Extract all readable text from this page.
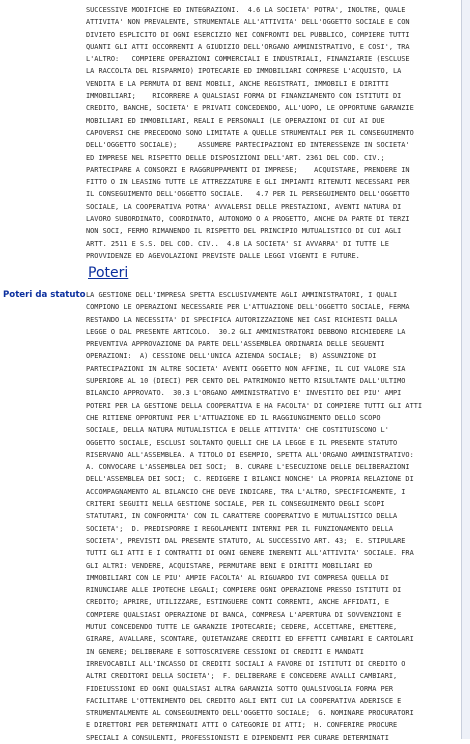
SUCCESSIVE MODIFICHE ED INTEGRAZIONI.  4.6 LA SOCIETA' POTRA', INOLTRE, QUALE
ATTIVITA' NON PREVALENTE, STRUMENTALE ALL'ATTIVITA' DELL'OGGETTO SOCIALE E CON
DIVIETO ESPLICITO DI OGNI ESERCIZIO NEI CONFRONTI DEL PUBBLICO, COMPIERE TUTTI
QUANTI GLI ATTI OCCORRENTI A GIUDIZIO DELL'ORGANO AMMINISTRATIVO, E COSI', TRA
L'ALTRO:   COMPIERE OPERAZIONI COMMERCIALI E INDUSTRIALI, FINANZIARIE (ESCLUSE
LA RACCOLTA DEL RISPARMIO) IPOTECARIE ED IMMOBILIARI COMPRESE L'ACQUISTO, LA
VENDITA E LA PERMUTA DI BENI MOBILI, ANCHE REGISTRATI, IMMOBILI E DIRITTI
IMMOBILIARI;    RICORRERE A QUALSIASI FORMA DI FINANZIAMENTO CON ISTITUTI DI
CREDITO, BANCHE, SOCIETA' E PRIVATI CONCEDENDO, ALL'UOPO, LE OPPORTUNE GARANZIE
MOBILIARI ED IMMOBILIARI, REALI E PERSONALI (LE OPERAZIONI DI CUI AI DUE
CAPOVERSI CHE PRECEDONO SONO LIMITATE A QUELLE STRUMENTALI PER IL CONSEGUIMENTO
DELL'OGGETTO SOCIALE);     ASSUMERE PARTECIPAZIONI ED INTERESSENZE IN SOCIETA'
ED IMPRESE NEL RISPETTO DELLE DISPOSIZIONI DELL'ART. 2361 DEL COD. CIV.;
PARTECIPARE A CONSORZI E RAGGRUPPAMENTI DI IMPRESE;    ACQUISTARE, PRENDERE IN
FITTO O IN LEASING TUTTE LE ATTREZZATURE E GLI IMPIANTI RITENUTI NECESSARI PER
IL CONSEGUIMENTO DELL'OGGETTO SOCIALE.   4.7 PER IL PERSEGUIMENTO DELL'OGGETTO
SOCIALE, LA COOPERATIVA POTRA' AVVALERSI DELLE PRESTAZIONI, AVENTI NATURA DI
LAVORO SUBORDINATO, COORDINATO, AUTONOMO O A PROGETTO, ANCHE DA PARTE DI TERZI
NON SOCI, FERMO RIMANENDO IL RISPETTO DEL PRINCIPIO MUTUALISTICO DI CUI AGLI
ARTT. 2511 E S.S. DEL COD. CIV..  4.8 LA SOCIETA' SI AVVARRA' DI TUTTE LE
PROVVIDENZE ED AGEVOLAZIONI PREVISTE DALLE LEGGI VIGENTI E FUTURE.
Poteri

Poteri da statuto LA GESTIONE DELL'IMPRESA SPETTA ESCLUSIVAMENTE AGLI AMMINISTRATORI, I QUALI
COMPIONO LE OPERAZIONI NECESSARIE PER L'ATTUAZIONE DELL'OGGETTO SOCIALE, FERMA
RESTANDO LA NECESSITA' DI SPECIFICA AUTORIZZAZIONE NEI CASI RICHIESTI DALLA
LEGGE O DAL PRESENTE ARTICOLO.  30.2 GLI AMMINISTRATORI DEBBONO RICHIEDERE LA
PREVENTIVA APPROVAZIONE DA PARTE DELL'ASSEMBLEA ORDINARIA DELLE SEGUENTI
OPERAZIONI:  A) CESSIONE DELL'UNICA AZIENDA SOCIALE;  B) ASSUNZIONE DI
PARTECIPAZIONI IN ALTRE SOCIETA' AVENTI OGGETTO NON AFFINE, IL CUI VALORE SIA
SUPERIORE AL 10 (DIECI) PER CENTO DEL PATRIMONIO NETTO RISULTANTE DALL'ULTIMO
BILANCIO APPROVATO.  30.3 L'ORGANO AMMINISTRATIVO E' INVESTITO DEI PIU' AMPI
POTERI PER LA GESTIONE DELLA COOPERATIVA E HA FACOLTA' DI COMPIERE TUTTI GLI ATTI
CHE RITIENE OPPORTUNI PER L'ATTUAZIONE ED IL RAGGIUNGIMENTO DELLO SCOPO
SOCIALE, DELLA NATURA MUTUALISTICA E DELLE ATTIVITA' CHE COSTITUISCONO L'
OGGETTO SOCIALE, ESCLUSI SOLTANTO QUELLI CHE LA LEGGE E IL PRESENTE STATUTO
RISERVANO ALL'ASSEMBLEA. A TITOLO DI ESEMPIO, SPETTA ALL'ORGANO AMMINISTRATIVO:
A. CONVOCARE L'ASSEMBLEA DEI SOCI;  B. CURARE L'ESECUZIONE DELLE DELIBERAZIONI
DELL'ASSEMBLEA DEI SOCI;  C. REDIGERE I BILANCI NONCHE' LA PROPRIA RELAZIONE DI
ACCOMPAGNAMENTO AL BILANCIO CHE DEVE INDICARE, TRA L'ALTRO, SPECIFICAMENTE, I
CRITERI SEGUITI NELLA GESTIONE SOCIALE, PER IL CONSEGUIMENTO DEGLI SCOPI
STATUTARI, IN CONFORMITA' CON IL CARATTERE COOPERATIVO E MUTUALISTICO DELLA
SOCIETA';  D. PREDISPORRE I REGOLAMENTI INTERNI PER IL FUNZIONAMENTO DELLA
SOCIETA', PREVISTI DAL PRESENTE STATUTO, AL SUCCESSIVO ART. 43;  E. STIPULARE
TUTTI GLI ATTI E I CONTRATTI DI OGNI GENERE INERENTI ALL'ATTIVITA' SOCIALE. FRA
GLI ALTRI: VENDERE, ACQUISTARE, PERMUTARE BENI E DIRITTI MOBILIARI ED
IMMOBILIARI CON LE PIU' AMPIE FACOLTA' AL RIGUARDO IVI COMPRESA QUELLA DI
RINUNCIARE ALLE IPOTECHE LEGALI; COMPIERE OGNI OPERAZIONE PRESSO ISTITUTI DI
CREDITO; APRIRE, UTILIZZARE, ESTINGUERE CONTI CORRENTI, ANCHE AFFIDATI, E
COMPIERE QUALSIASI OPERAZIONE DI BANCA, COMPRESA L'APERTURA DI SOVVENZIONI E
MUTUI CONCEDENDO TUTTE LE GARANZIE IPOTECARIE; CEDERE, ACCETTARE, EMETTERE,
GIRARE, AVALLARE, SCONTARE, QUIETANZARE CREDITI ED EFFETTI CAMBIARI E CARTOLARI
IN GENERE; DELIBERARE E SOTTOSCRIVERE CESSIONI DI CREDITI E MANDATI
IRREVOCABILI ALL'INCASSO DI CREDITI SOCIALI A FAVORE DI ISTITUTI DI CREDITO O
ALTRI CREDITORI DELLA SOCIETA';  F. DELIBERARE E CONCEDERE AVALLI CAMBIARI,
FIDEIUSSIONI ED OGNI QUALSIASI ALTRA GARANZIA SOTTO QUALSIVOGLIA FORMA PER
FACILITARE L'OTTENIMENTO DEL CREDITO AGLI ENTI CUI LA COOPERATIVA ADERISCE E
STRUMENTALMENTE AL CONSEGUIMENTO DELL'OGGETTO SOCIALE;  G. NOMINARE PROCURATORI
E DIRETTORI PER DETERMINATI ATTI O CATEGORIE DI ATTI;  H. CONFERIRE PROCURE
SPECIALI A CONSULENTI, PROFESSIONISTI E DIPENDENTI PER CURARE DETERMINATI
